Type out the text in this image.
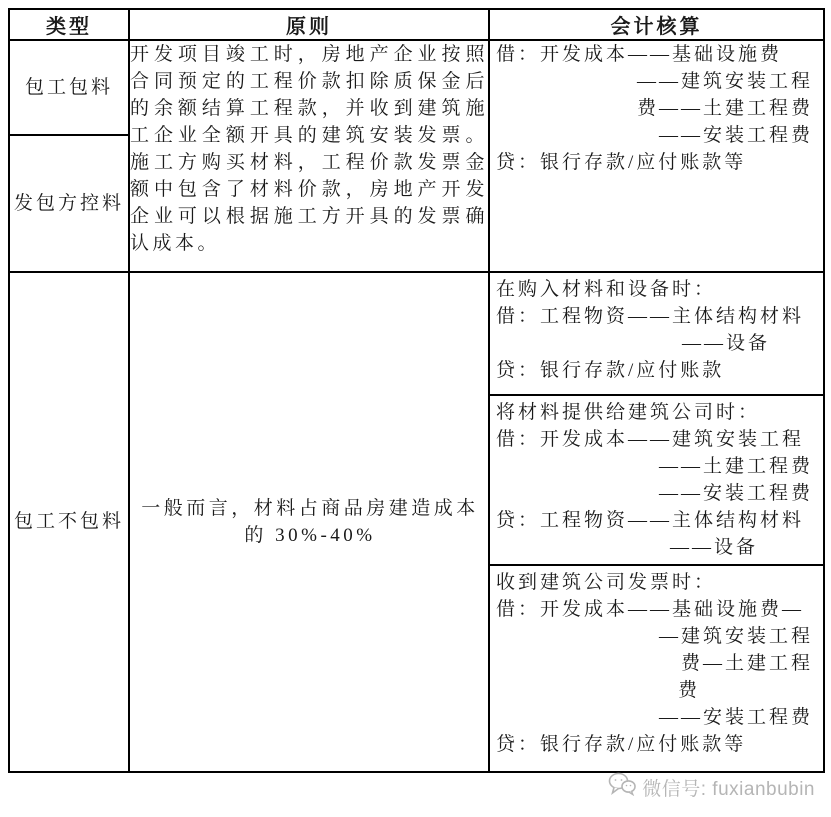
类型	原则	会计核算
包工包料	开发项目竣工时，房地产企业按照合同预定的工程价款扣除质保金后的余额结算工程款，并收到建筑施工企业全额开具的建筑安装发票。施工方购买材料，工程价款发票金额中包含了材料价款，房地产开发企业可以根据施工方开具的发票确认成本。	借：开发成本——基础设施费
——建筑安装工程
费——土建工程费
——安装工程费
贷：银行存款/应付账款等

发包方控料		
包工不包料	一般而言，材料占商品房建造成本的 30%-40%	
在购入材料和设备时：
借：工程物资——主体结构材料
——设备
贷：银行存款/应付账款
将材料提供给建筑公司时：
借：开发成本——建筑安装工程
——土建工程费
——安装工程费
贷：工程物资——主体结构材料
——设备
收到建筑公司发票时：
借：开发成本——基础设施费—
—建筑安装工程
费—土建工程
费
——安装工程费
贷：银行存款/应付账款等
微信号: fuxianbubin
